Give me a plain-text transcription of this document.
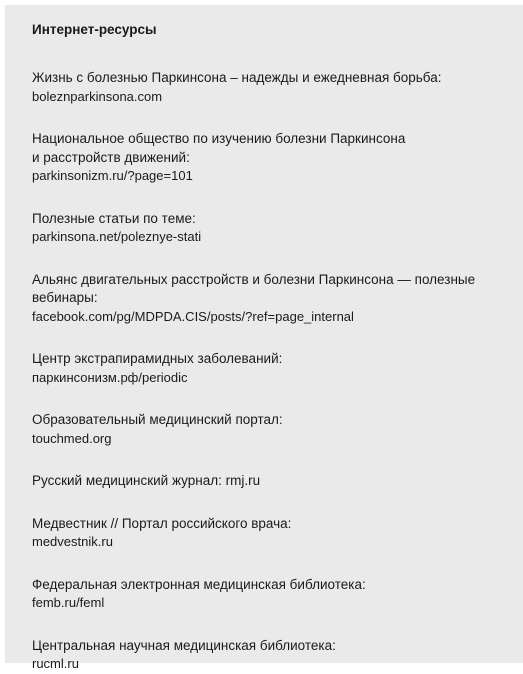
Интернет-ресурсы
Жизнь с болезнью Паркинсона – надежды и ежедневная борьба:
boleznparkinsona.com
Национальное общество по изучению болезни Паркинсона
и расстройств движений:
parkinsonizm.ru/?page=101
Полезные статьи по теме:
parkinsona.net/poleznye-stati
Альянс двигательных расстройств и болезни Паркинсона — полезные
вебинары:
facebook.com/pg/MDPDA.CIS/posts/?ref=page_internal
Центр экстрапирамидных заболеваний:
паркинсонизм.рф/periodic
Образовательный медицинский портал:
touchmed.org
Русский медицинский журнал: rmj.ru
Медвестник // Портал российского врача:
medvestnik.ru
Федеральная электронная медицинская библиотека:
femb.ru/feml
Центральная научная медицинская библиотека:
rucml.ru
